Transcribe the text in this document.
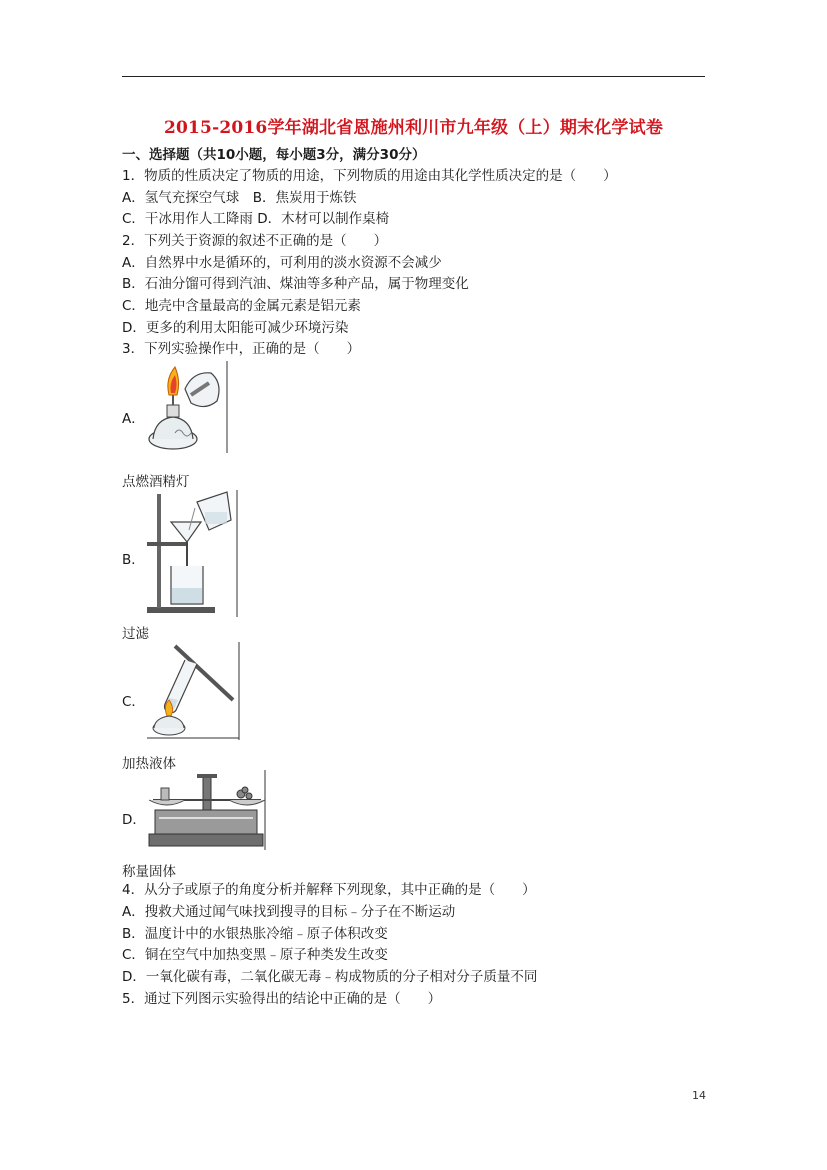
2015-2016学年湖北省恩施州利川市九年级（上）期末化学试卷
一、选择题（共10小题，每小题3分，满分30分）
1．物质的性质决定了物质的用途，下列物质的用途由其化学性质决定的是（　　）
A．氢气充探空气球　B．焦炭用于炼铁
C．干冰用作人工降雨 D．木材可以制作桌椅
2．下列关于资源的叙述不正确的是（　　）
A．自然界中水是循环的，可利用的淡水资源不会减少
B．石油分馏可得到汽油、煤油等多种产品，属于物理变化
C．地壳中含量最高的金属元素是铝元素
D．更多的利用太阳能可减少环境污染
3．下列实验操作中，正确的是（　　）
A．
点燃酒精灯
B．
过滤
C．
加热液体
D．
称量固体
4．从分子或原子的角度分析并解释下列现象，其中正确的是（　　）
A．搜救犬通过闻气味找到搜寻的目标﹣分子在不断运动
B．温度计中的水银热胀冷缩﹣原子体积改变
C．铜在空气中加热变黑﹣原子种类发生改变
D．一氧化碳有毒，二氧化碳无毒﹣构成物质的分子相对分子质量不同
5．通过下列图示实验得出的结论中正确的是（　　）
14
